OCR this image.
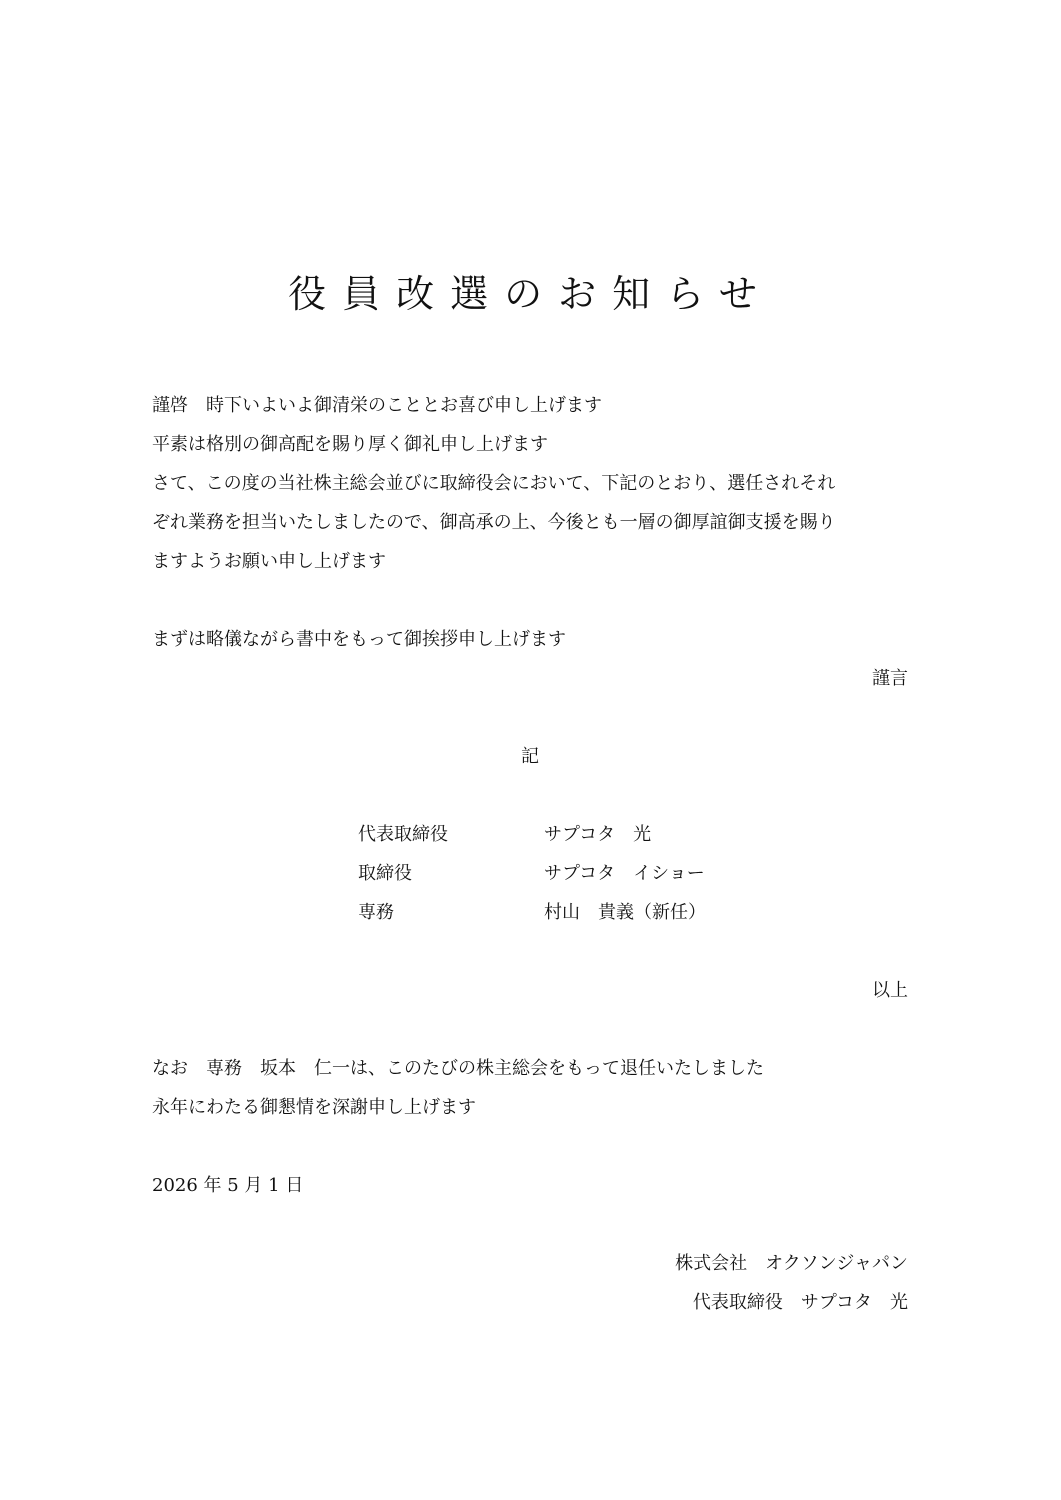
役員改選のお知らせ
謹啓　時下いよいよ御清栄のこととお喜び申し上げます
平素は格別の御高配を賜り厚く御礼申し上げます
さて、この度の当社株主総会並びに取締役会において、下記のとおり、選任されそれ
ぞれ業務を担当いたしましたので、御高承の上、今後とも一層の御厚誼御支援を賜り
ますようお願い申し上げます
まずは略儀ながら書中をもって御挨拶申し上げます
謹言
記
代表取締役	サプコタ　光
取締役	サプコタ　イショー
専務	村山　貴義（新任）
以上
なお　専務　坂本　仁一は、このたびの株主総会をもって退任いたしました
永年にわたる御懇情を深謝申し上げます
2026 年 5 月 1 日
株式会社　オクソンジャパン
代表取締役　サプコタ　光
